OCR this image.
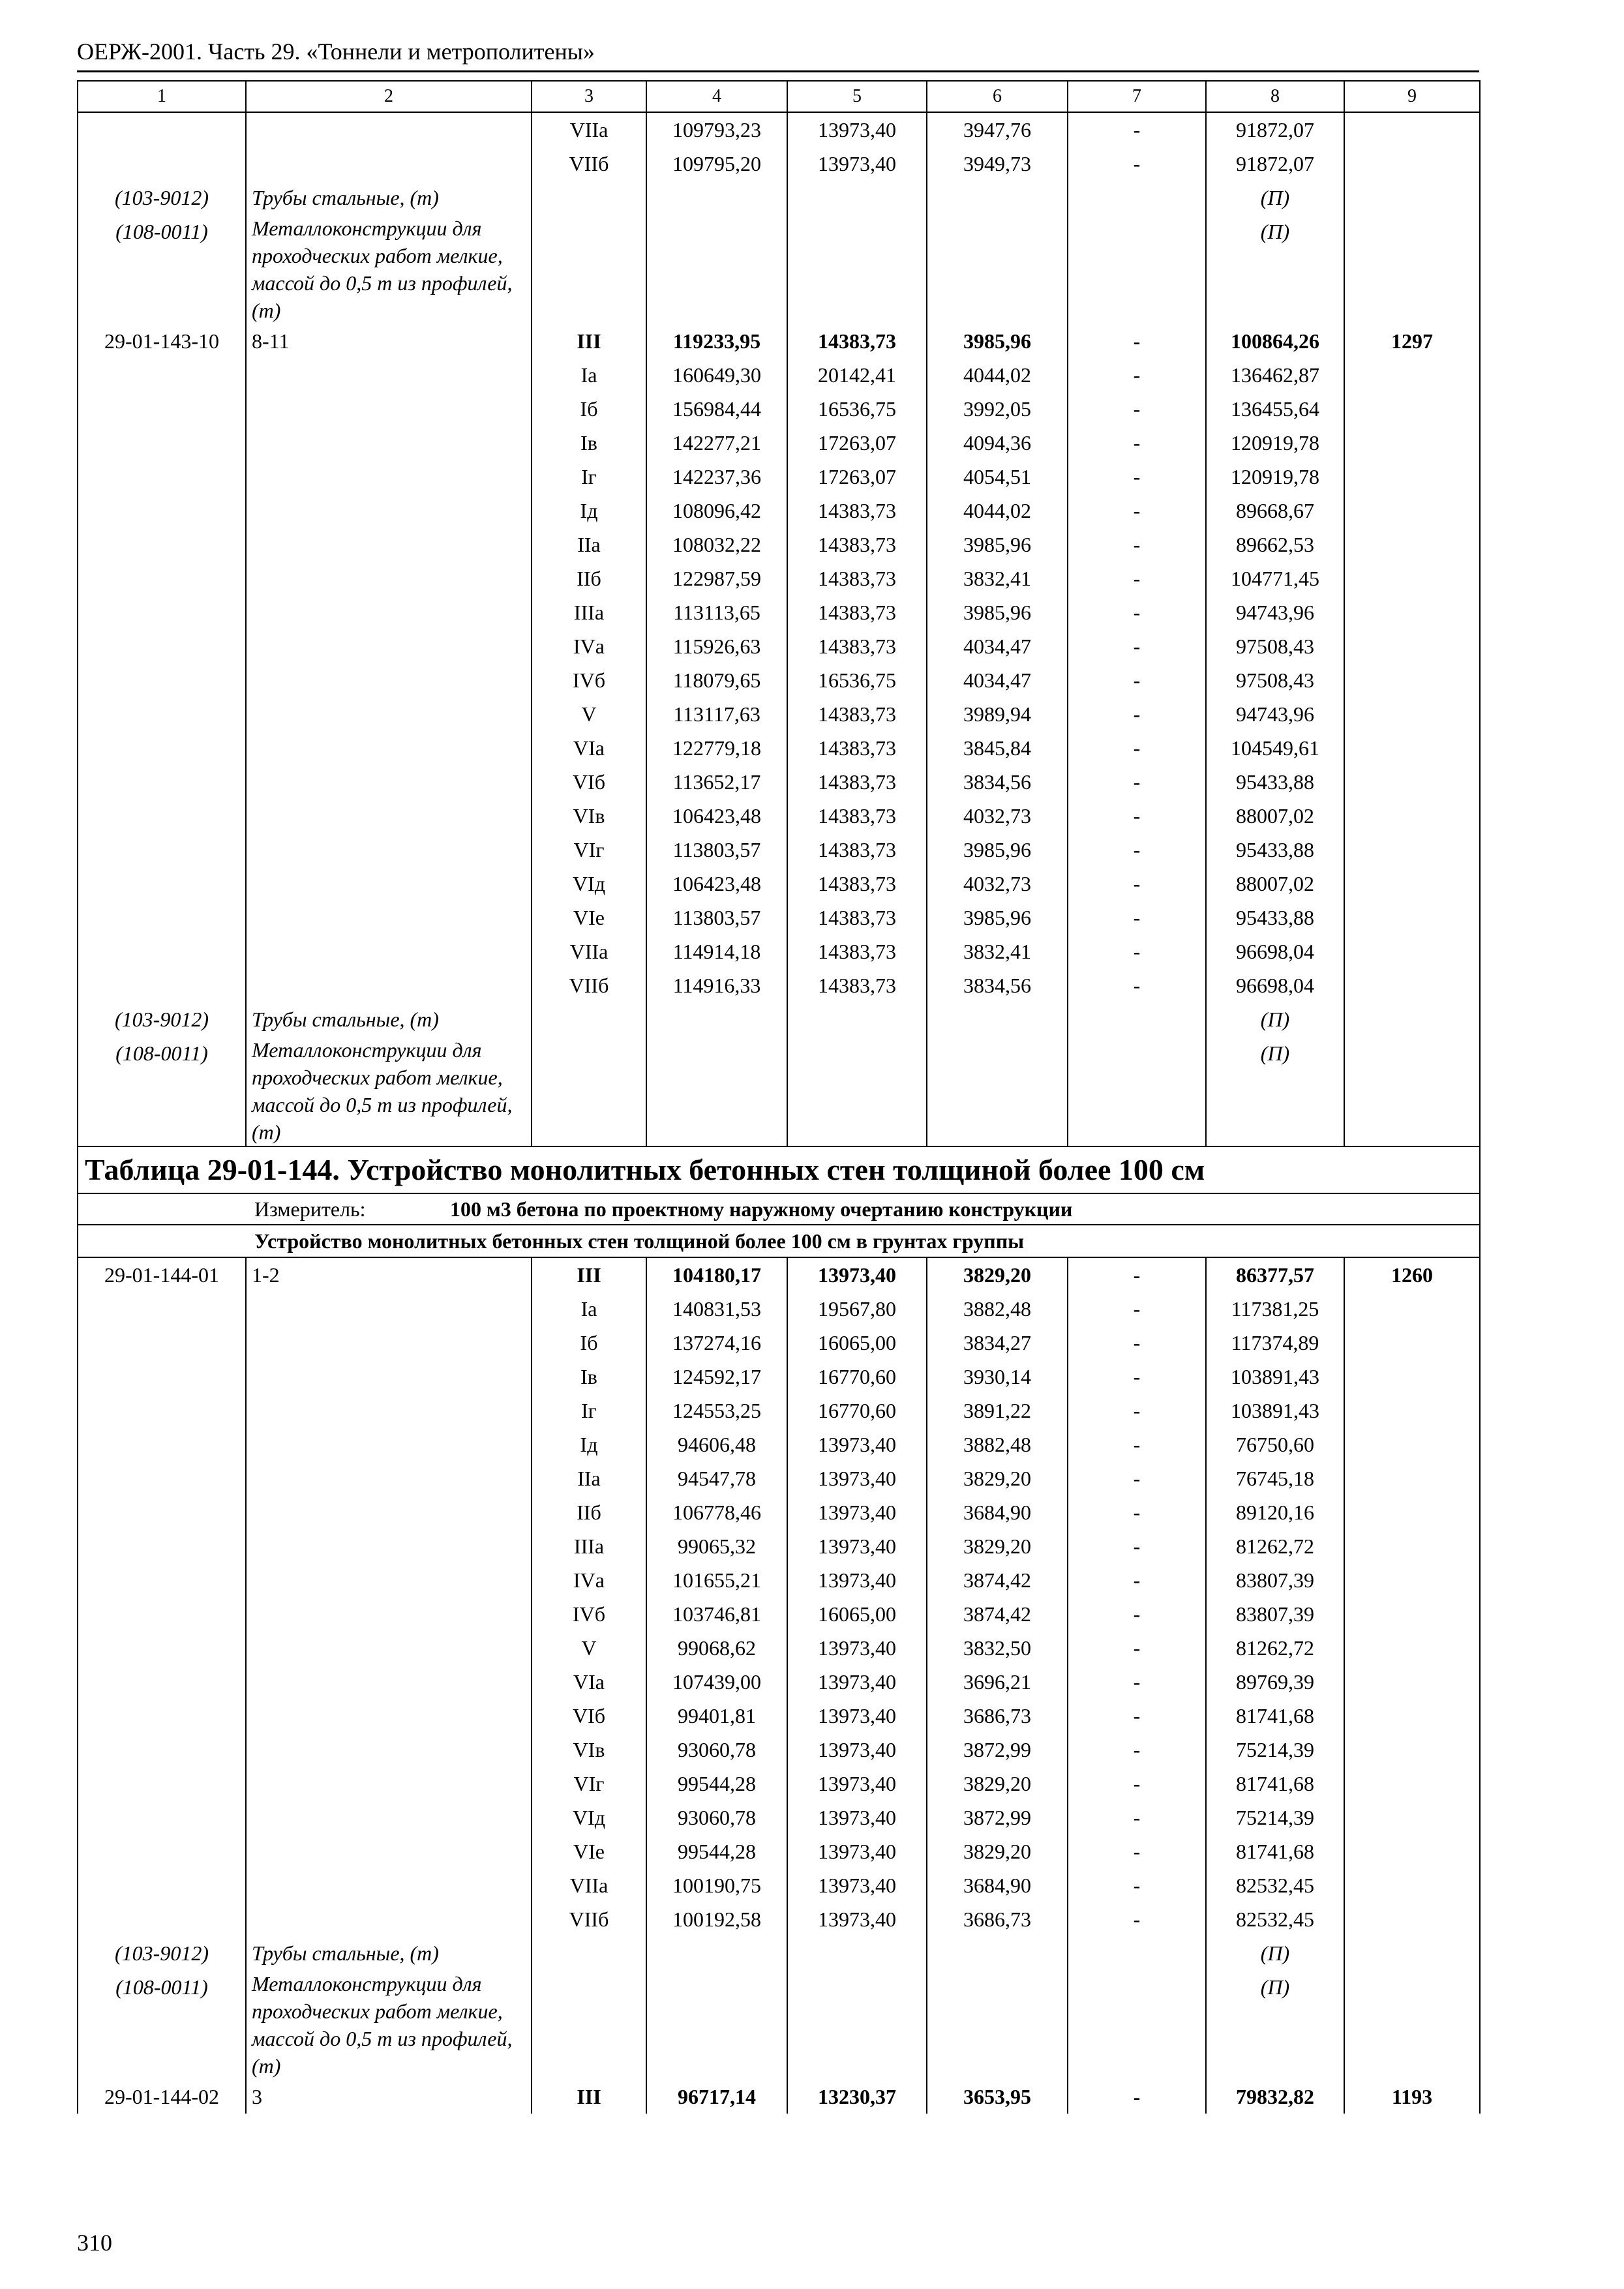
ОЕРЖ-2001. Часть 29. «Тоннели и метрополитены»
1	2	3	4	5	6	7	8	9
		VIIа	109793,23	13973,40	3947,76	-	91872,07	
		VIIб	109795,20	13973,40	3949,73	-	91872,07	
(103-9012)	Трубы стальные, (т)						(П)	
(108-0011)	Металлоконструкции для проходческих работ мелкие, массой до 0,5 т из профилей, (т)						(П)	
29-01-143-10	8-11	III	119233,95	14383,73	3985,96	-	100864,26	1297
		Iа	160649,30	20142,41	4044,02	-	136462,87	
		Iб	156984,44	16536,75	3992,05	-	136455,64	
		Iв	142277,21	17263,07	4094,36	-	120919,78	
		Iг	142237,36	17263,07	4054,51	-	120919,78	
		Iд	108096,42	14383,73	4044,02	-	89668,67	
		IIа	108032,22	14383,73	3985,96	-	89662,53	
		IIб	122987,59	14383,73	3832,41	-	104771,45	
		IIIа	113113,65	14383,73	3985,96	-	94743,96	
		IVа	115926,63	14383,73	4034,47	-	97508,43	
		IVб	118079,65	16536,75	4034,47	-	97508,43	
		V	113117,63	14383,73	3989,94	-	94743,96	
		VIа	122779,18	14383,73	3845,84	-	104549,61	
		VIб	113652,17	14383,73	3834,56	-	95433,88	
		VIв	106423,48	14383,73	4032,73	-	88007,02	
		VIг	113803,57	14383,73	3985,96	-	95433,88	
		VIд	106423,48	14383,73	4032,73	-	88007,02	
		VIе	113803,57	14383,73	3985,96	-	95433,88	
		VIIа	114914,18	14383,73	3832,41	-	96698,04	
		VIIб	114916,33	14383,73	3834,56	-	96698,04	
(103-9012)	Трубы стальные, (т)						(П)	
(108-0011)	Металлоконструкции для проходческих работ мелкие, массой до 0,5 т из профилей, (т)						(П)	
Таблица 29-01-144. Устройство монолитных бетонных стен толщиной более 100 см								
Измеритель: 100 м3 бетона по проектному наружному очертанию конструкции								
Устройство монолитных бетонных стен толщиной более 100 см в грунтах группы								
29-01-144-01	1-2	III	104180,17	13973,40	3829,20	-	86377,57	1260
		Iа	140831,53	19567,80	3882,48	-	117381,25	
		Iб	137274,16	16065,00	3834,27	-	117374,89	
		Iв	124592,17	16770,60	3930,14	-	103891,43	
		Iг	124553,25	16770,60	3891,22	-	103891,43	
		Iд	94606,48	13973,40	3882,48	-	76750,60	
		IIа	94547,78	13973,40	3829,20	-	76745,18	
		IIб	106778,46	13973,40	3684,90	-	89120,16	
		IIIа	99065,32	13973,40	3829,20	-	81262,72	
		IVа	101655,21	13973,40	3874,42	-	83807,39	
		IVб	103746,81	16065,00	3874,42	-	83807,39	
		V	99068,62	13973,40	3832,50	-	81262,72	
		VIа	107439,00	13973,40	3696,21	-	89769,39	
		VIб	99401,81	13973,40	3686,73	-	81741,68	
		VIв	93060,78	13973,40	3872,99	-	75214,39	
		VIг	99544,28	13973,40	3829,20	-	81741,68	
		VIд	93060,78	13973,40	3872,99	-	75214,39	
		VIе	99544,28	13973,40	3829,20	-	81741,68	
		VIIа	100190,75	13973,40	3684,90	-	82532,45	
		VIIб	100192,58	13973,40	3686,73	-	82532,45	
(103-9012)	Трубы стальные, (т)						(П)	
(108-0011)	Металлоконструкции для проходческих работ мелкие, массой до 0,5 т из профилей, (т)						(П)	
29-01-144-02	3	III	96717,14	13230,37	3653,95	-	79832,82	1193
310
